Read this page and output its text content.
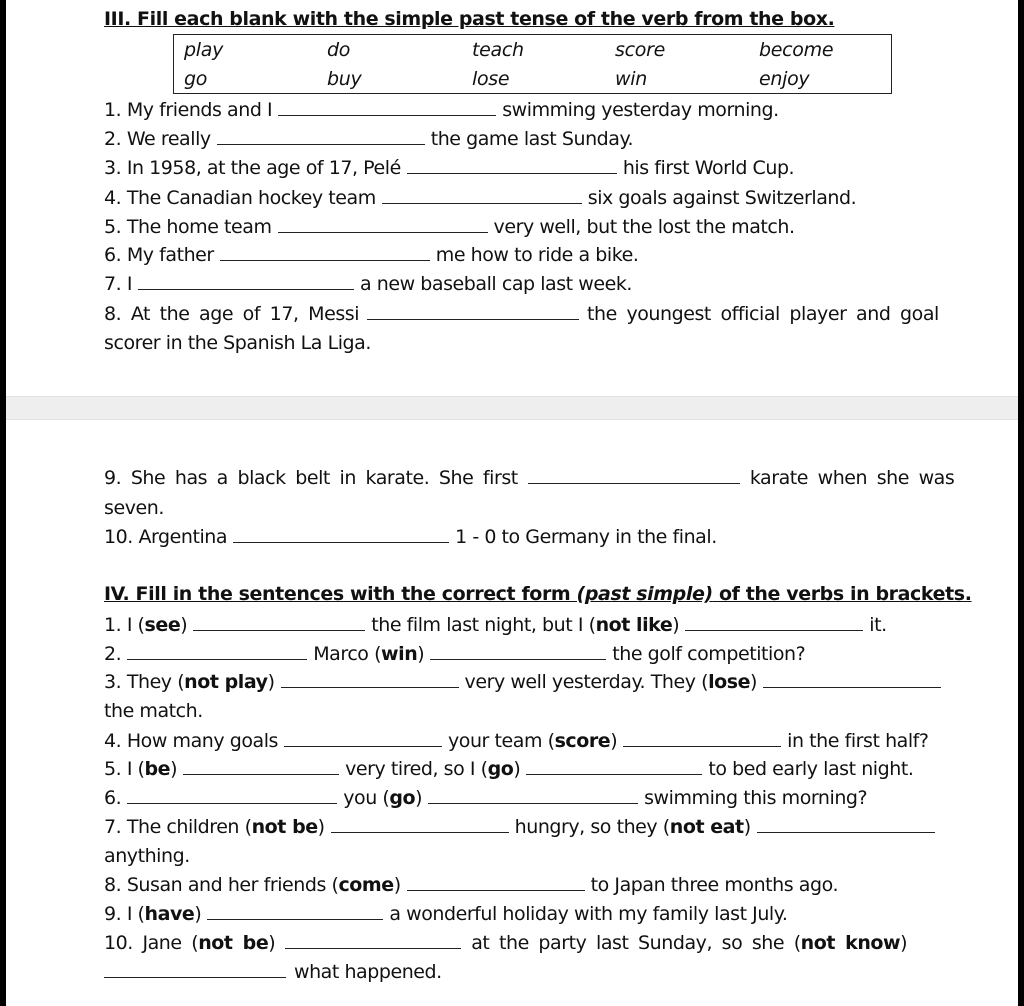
III. Fill each blank with the simple past tense of the verb from the box.
play	do	teach	score	become
go	buy	lose	win	enjoy
1. My friends and I	swimming yesterday morning.
2. We really	the game last Sunday.
3. In 1958, at the age of 17, Pelé	his first World Cup.
4. The Canadian hockey team	six goals against Switzerland.
5. The home team	very well, but the lost the match.
6. My father	me how to ride a bike.
7. I	a new baseball cap last week.
8. At the age of 17, Messi	the youngest official player and goal
scorer in the Spanish La Liga.
9. She has a black belt in karate. She first	karate when she was
seven.
10. Argentina	1 - 0 to Germany in the final.
IV. Fill in the sentences with the correct form (past simple) of the verbs in brackets.
1. I (see)	the film last night, but I (not like)	it.
2.	Marco (win)	the golf competition?
3. They (not play)	very well yesterday. They (lose)
the match.
4. How many goals	your team (score)	in the first half?
5. I (be)	very tired, so I (go)	to bed early last night.
6.	you (go)	swimming this morning?
7. The children (not be)	hungry, so they (not eat)
anything.
8. Susan and her friends (come)	to Japan three months ago.
9. I (have)	a wonderful holiday with my family last July.
10. Jane (not be)	at the party last Sunday, so she (not know)
what happened.
